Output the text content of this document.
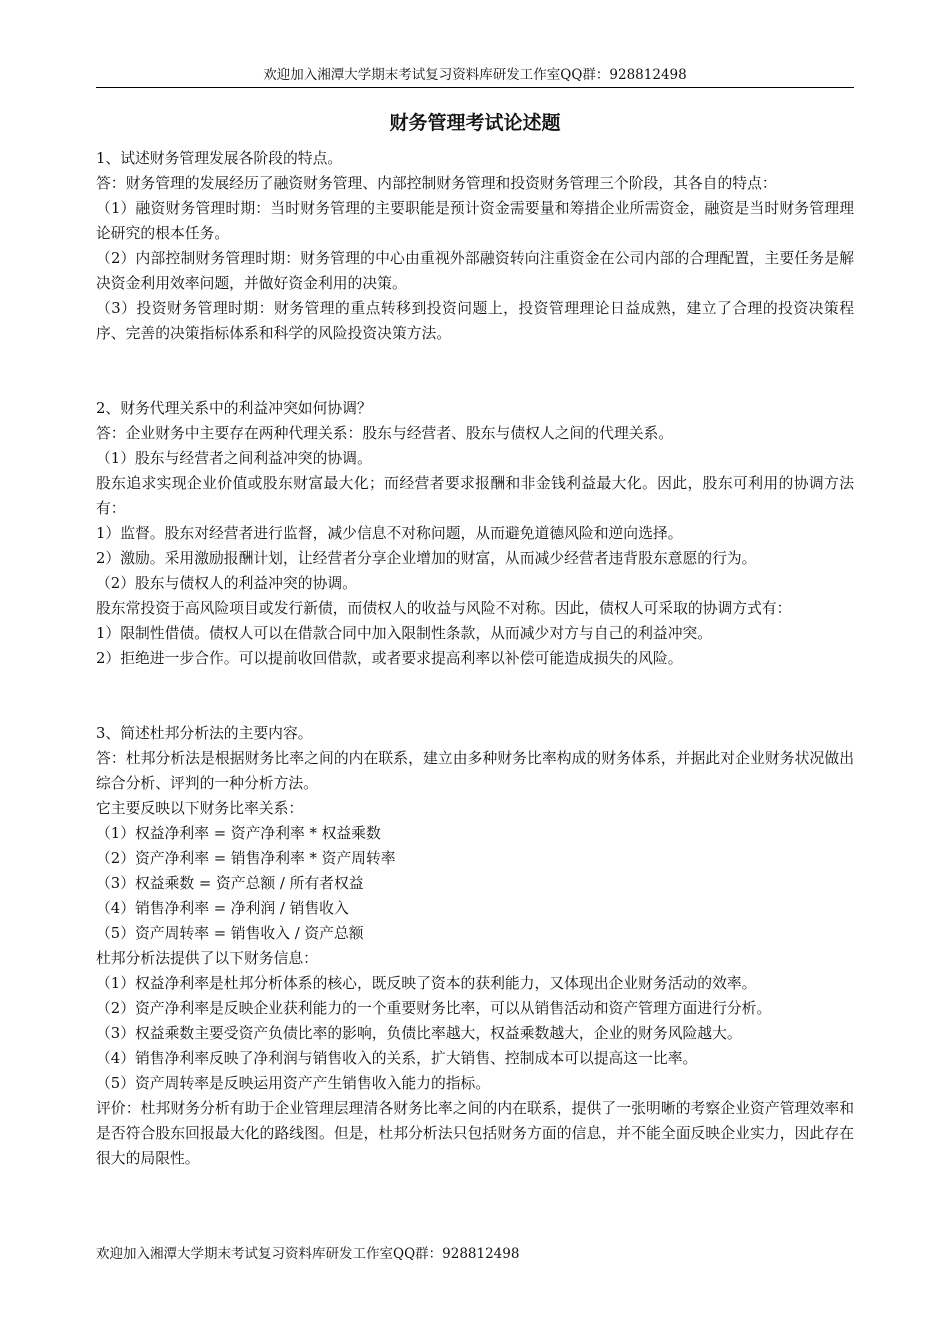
欢迎加入湘潭大学期末考试复习资料库研发工作室QQ群：928812498
财务管理考试论述题

1、试述财务管理发展各阶段的特点。

答：财务管理的发展经历了融资财务管理、内部控制财务管理和投资财务管理三个阶段，其各自的特点：

（1）融资财务管理时期：当时财务管理的主要职能是预计资金需要量和筹措企业所需资金，融资是当时财务管理理论研究的根本任务。

（2）内部控制财务管理时期：财务管理的中心由重视外部融资转向注重资金在公司内部的合理配置，主要任务是解决资金利用效率问题，并做好资金利用的决策。

（3）投资财务管理时期：财务管理的重点转移到投资问题上，投资管理理论日益成熟，建立了合理的投资决策程序、完善的决策指标体系和科学的风险投资决策方法。

2、财务代理关系中的利益冲突如何协调？

答：企业财务中主要存在两种代理关系：股东与经营者、股东与债权人之间的代理关系。

（1）股东与经营者之间利益冲突的协调。

股东追求实现企业价值或股东财富最大化；而经营者要求报酬和非金钱利益最大化。因此，股东可利用的协调方法有：

1）监督。股东对经营者进行监督，减少信息不对称问题，从而避免道德风险和逆向选择。

2）激励。采用激励报酬计划，让经营者分享企业增加的财富，从而减少经营者违背股东意愿的行为。

（2）股东与债权人的利益冲突的协调。

股东常投资于高风险项目或发行新债，而债权人的收益与风险不对称。因此，债权人可采取的协调方式有：

1）限制性借债。债权人可以在借款合同中加入限制性条款，从而减少对方与自己的利益冲突。

2）拒绝进一步合作。可以提前收回借款，或者要求提高利率以补偿可能造成损失的风险。

3、简述杜邦分析法的主要内容。

答：杜邦分析法是根据财务比率之间的内在联系，建立由多种财务比率构成的财务体系，并据此对企业财务状况做出综合分析、评判的一种分析方法。

它主要反映以下财务比率关系：

（1）权益净利率 = 资产净利率 * 权益乘数

（2）资产净利率 = 销售净利率 * 资产周转率

（3）权益乘数 = 资产总额 / 所有者权益

（4）销售净利率 = 净利润 / 销售收入

（5）资产周转率 = 销售收入 / 资产总额

杜邦分析法提供了以下财务信息：

（1）权益净利率是杜邦分析体系的核心，既反映了资本的获利能力，又体现出企业财务活动的效率。

（2）资产净利率是反映企业获利能力的一个重要财务比率，可以从销售活动和资产管理方面进行分析。

（3）权益乘数主要受资产负债比率的影响，负债比率越大，权益乘数越大，企业的财务风险越大。

（4）销售净利率反映了净利润与销售收入的关系，扩大销售、控制成本可以提高这一比率。

（5）资产周转率是反映运用资产产生销售收入能力的指标。

评价：杜邦财务分析有助于企业管理层理清各财务比率之间的内在联系，提供了一张明晰的考察企业资产管理效率和是否符合股东回报最大化的路线图。但是，杜邦分析法只包括财务方面的信息，并不能全面反映企业实力，因此存在很大的局限性。

欢迎加入湘潭大学期末考试复习资料库研发工作室QQ群：928812498
